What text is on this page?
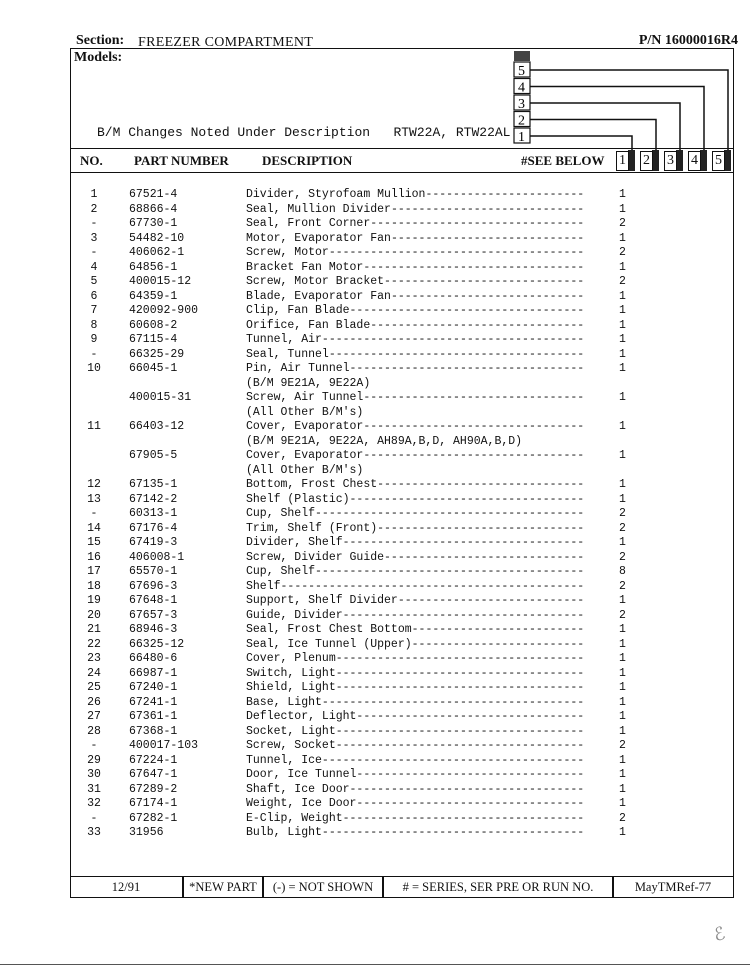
Section: FREEZER COMPARTMENT	P/N 16000016R4
Models:
B/M Changes Noted Under Description   RTW22A, RTW22AL
5
4
3
2
1
NO. PART NUMBER	DESCRIPTION	#SEE BELOW 1 2 3 4 5
1	67521-4	Divider, Styrofoam Mullion-----------------------	1
2	68866-4	Seal, Mullion Divider----------------------------	1
-	67730-1	Seal, Front Corner-------------------------------	2
3	54482-10	Motor, Evaporator Fan----------------------------	1
-	406062-1	Screw, Motor-------------------------------------	2
4	64856-1	Bracket Fan Motor--------------------------------	1
5	400015-12	Screw, Motor Bracket-----------------------------	2
6	64359-1	Blade, Evaporator Fan----------------------------	1
7	420092-900	Clip, Fan Blade----------------------------------	1
8	60608-2	Orifice, Fan Blade-------------------------------	1
9	67115-4	Tunnel, Air--------------------------------------	1
-	66325-29	Seal, Tunnel-------------------------------------	1
10	66045-1	Pin, Air Tunnel----------------------------------	1
(B/M 9E21A, 9E22A)
400015-31	Screw, Air Tunnel--------------------------------	1
(All Other B/M's)
11	66403-12	Cover, Evaporator--------------------------------	1
(B/M 9E21A, 9E22A, AH89A,B,D, AH90A,B,D)
67905-5	Cover, Evaporator--------------------------------	1
(All Other B/M's)
12	67135-1	Bottom, Frost Chest------------------------------	1
13	67142-2	Shelf (Plastic)----------------------------------	1
-	60313-1	Cup, Shelf---------------------------------------	2
14	67176-4	Trim, Shelf (Front)------------------------------	2
15	67419-3	Divider, Shelf-----------------------------------	1
16	406008-1	Screw, Divider Guide-----------------------------	2
17	65570-1	Cup, Shelf---------------------------------------	8
18	67696-3	Shelf--------------------------------------------	2
19	67648-1	Support, Shelf Divider---------------------------	1
20	67657-3	Guide, Divider-----------------------------------	2
21	68946-3	Seal, Frost Chest Bottom-------------------------	1
22	66325-12	Seal, Ice Tunnel (Upper)-------------------------	1
23	66480-6	Cover, Plenum------------------------------------	1
24	66987-1	Switch, Light------------------------------------	1
25	67240-1	Shield, Light------------------------------------	1
26	67241-1	Base, Light--------------------------------------	1
27	67361-1	Deflector, Light---------------------------------	1
28	67368-1	Socket, Light------------------------------------	1
-	400017-103	Screw, Socket------------------------------------	2
29	67224-1	Tunnel, Ice--------------------------------------	1
30	67647-1	Door, Ice Tunnel---------------------------------	1
31	67289-2	Shaft, Ice Door----------------------------------	1
32	67174-1	Weight, Ice Door---------------------------------	1
-	67282-1	E-Clip, Weight-----------------------------------	2
33	31956	Bulb, Light--------------------------------------	1
12/91	*NEW PART	(-) = NOT SHOWN	# = SERIES, SER PRE OR RUN NO.	MayTMRef-77
ℰ
